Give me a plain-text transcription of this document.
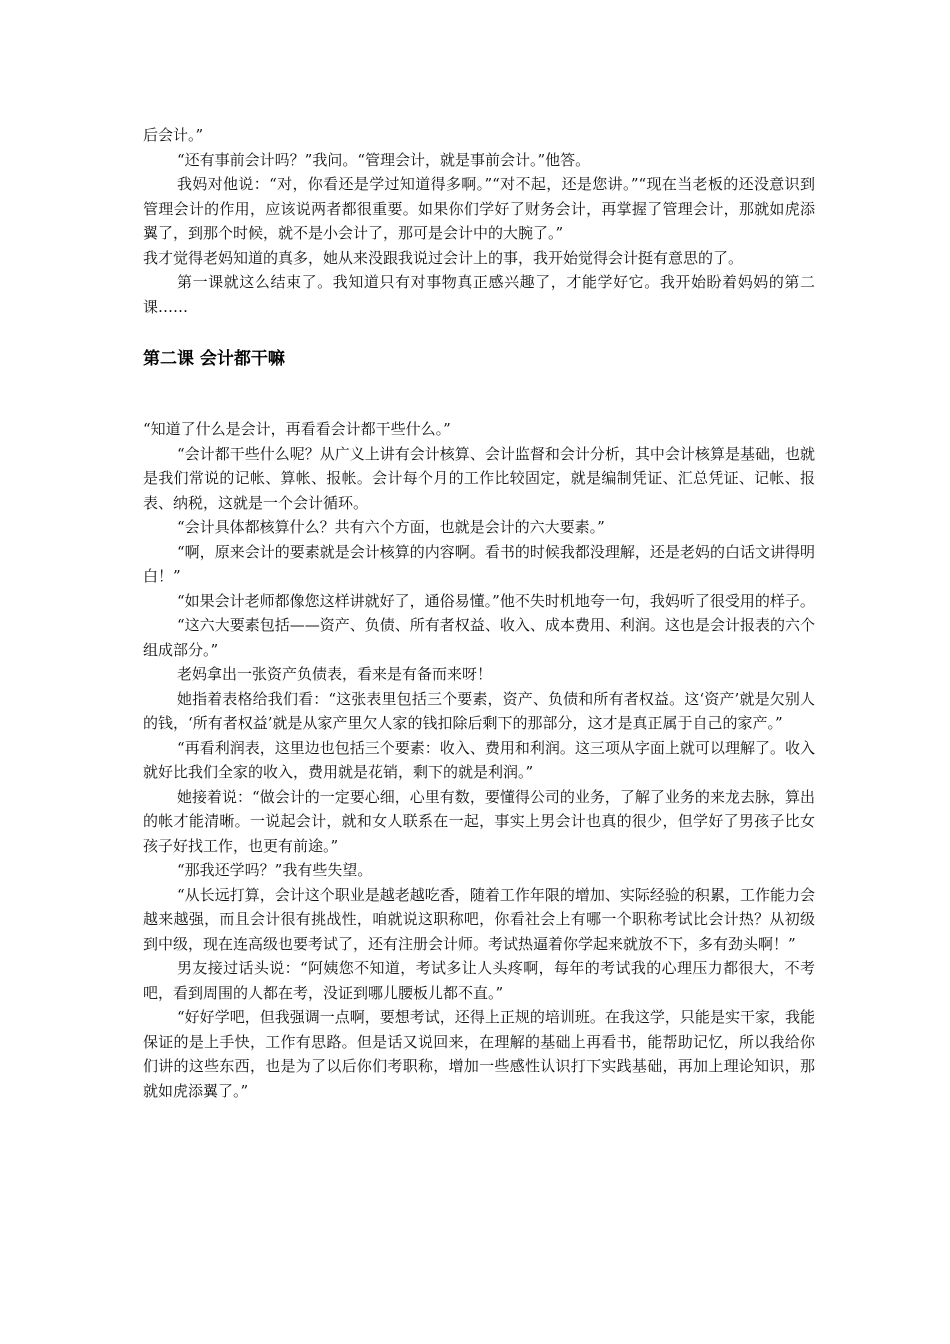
后会计。”

“还有事前会计吗？”我问。“管理会计，就是事前会计。”他答。

我妈对他说：“对，你看还是学过知道得多啊。”“对不起，还是您讲。”“现在当老板的还没意识到管理会计的作用，应该说两者都很重要。如果你们学好了财务会计，再掌握了管理会计，那就如虎添翼了，到那个时候，就不是小会计了，那可是会计中的大腕了。”

我才觉得老妈知道的真多，她从来没跟我说过会计上的事，我开始觉得会计挺有意思的了。

第一课就这么结束了。我知道只有对事物真正感兴趣了，才能学好它。我开始盼着妈妈的第二课……

第二课 会计都干嘛

“知道了什么是会计，再看看会计都干些什么。”

“会计都干些什么呢？从广义上讲有会计核算、会计监督和会计分析，其中会计核算是基础，也就是我们常说的记帐、算帐、报帐。会计每个月的工作比较固定，就是编制凭证、汇总凭证、记帐、报表、纳税，这就是一个会计循环。

“会计具体都核算什么？共有六个方面，也就是会计的六大要素。”

“啊，原来会计的要素就是会计核算的内容啊。看书的时候我都没理解，还是老妈的白话文讲得明白！”

“如果会计老师都像您这样讲就好了，通俗易懂。”他不失时机地夸一句，我妈听了很受用的样子。

“这六大要素包括——资产、负债、所有者权益、收入、成本费用、利润。这也是会计报表的六个组成部分。”

老妈拿出一张资产负债表，看来是有备而来呀！

她指着表格给我们看：“这张表里包括三个要素，资产、负债和所有者权益。这‘资产’就是欠别人的钱，‘所有者权益’就是从家产里欠人家的钱扣除后剩下的那部分，这才是真正属于自己的家产。”

“再看利润表，这里边也包括三个要素：收入、费用和利润。这三项从字面上就可以理解了。收入就好比我们全家的收入，费用就是花销，剩下的就是利润。”

她接着说：“做会计的一定要心细，心里有数，要懂得公司的业务，了解了业务的来龙去脉，算出的帐才能清晰。一说起会计，就和女人联系在一起，事实上男会计也真的很少，但学好了男孩子比女孩子好找工作，也更有前途。”

“那我还学吗？”我有些失望。

“从长远打算，会计这个职业是越老越吃香，随着工作年限的增加、实际经验的积累，工作能力会越来越强，而且会计很有挑战性，咱就说这职称吧，你看社会上有哪一个职称考试比会计热？从初级到中级，现在连高级也要考试了，还有注册会计师。考试热逼着你学起来就放不下，多有劲头啊！”

男友接过话头说：“阿姨您不知道，考试多让人头疼啊，每年的考试我的心理压力都很大，不考吧，看到周围的人都在考，没证到哪儿腰板儿都不直。”

“好好学吧，但我强调一点啊，要想考试，还得上正规的培训班。在我这学，只能是实干家，我能保证的是上手快，工作有思路。但是话又说回来，在理解的基础上再看书，能帮助记忆，所以我给你们讲的这些东西，也是为了以后你们考职称，增加一些感性认识打下实践基础，再加上理论知识，那就如虎添翼了。”
